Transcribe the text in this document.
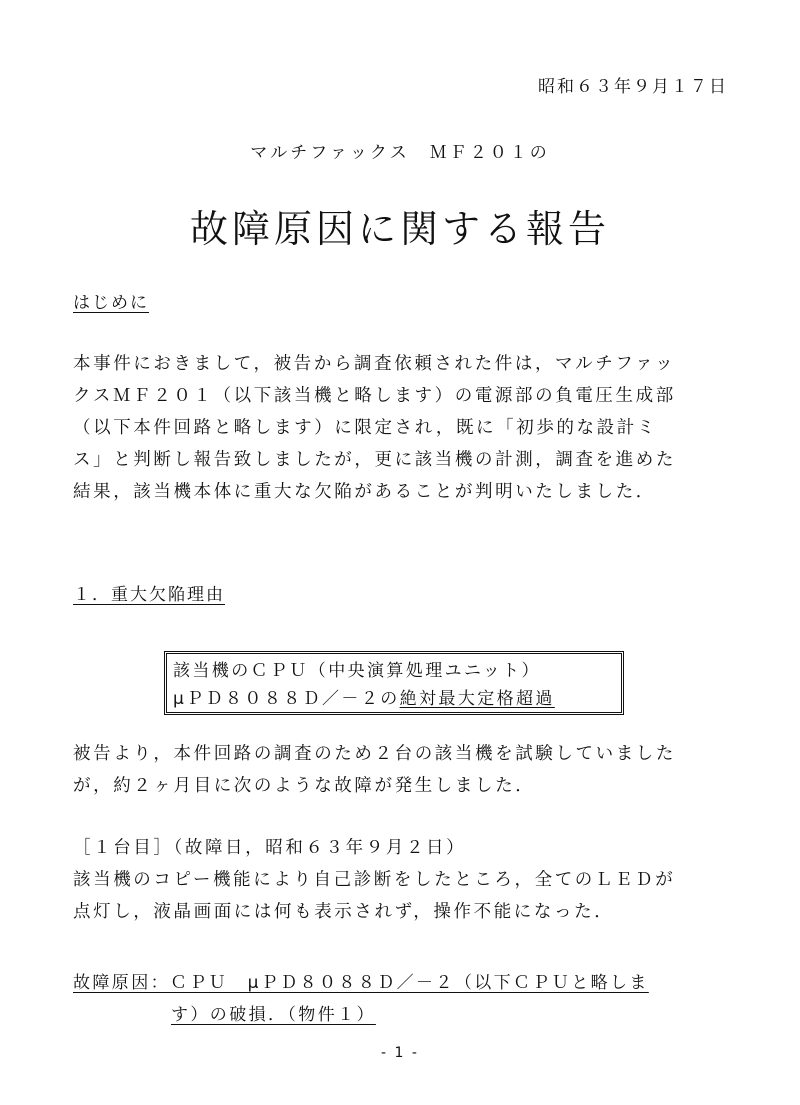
昭和６３年９月１７日
マルチファックス　ＭＦ２０１の
故障原因に関する報告
はじめに
本事件におきまして，被告から調査依頼された件は，マルチファッ
クスＭＦ２０１（以下該当機と略します）の電源部の負電圧生成部
（以下本件回路と略します）に限定され，既に「初歩的な設計ミ
ス」と判断し報告致しましたが，更に該当機の計測，調査を進めた
結果，該当機本体に重大な欠陥があることが判明いたしました．
１．重大欠陥理由
該当機のＣＰＵ（中央演算処理ユニット）
μＰＤ８０８８Ｄ／－２の絶対最大定格超過
被告より，本件回路の調査のため２台の該当機を試験していました
が，約２ヶ月目に次のような故障が発生しました．
［１台目］（故障日，昭和６３年９月２日）
該当機のコピー機能により自己診断をしたところ，全てのＬＥＤが
点灯し，液晶画面には何も表示されず，操作不能になった．
故障原因：ＣＰＵ　μＰＤ８０８８Ｄ／－２（以下ＣＰＵと略しま
す）の破損．（物件１）
- 1 -
